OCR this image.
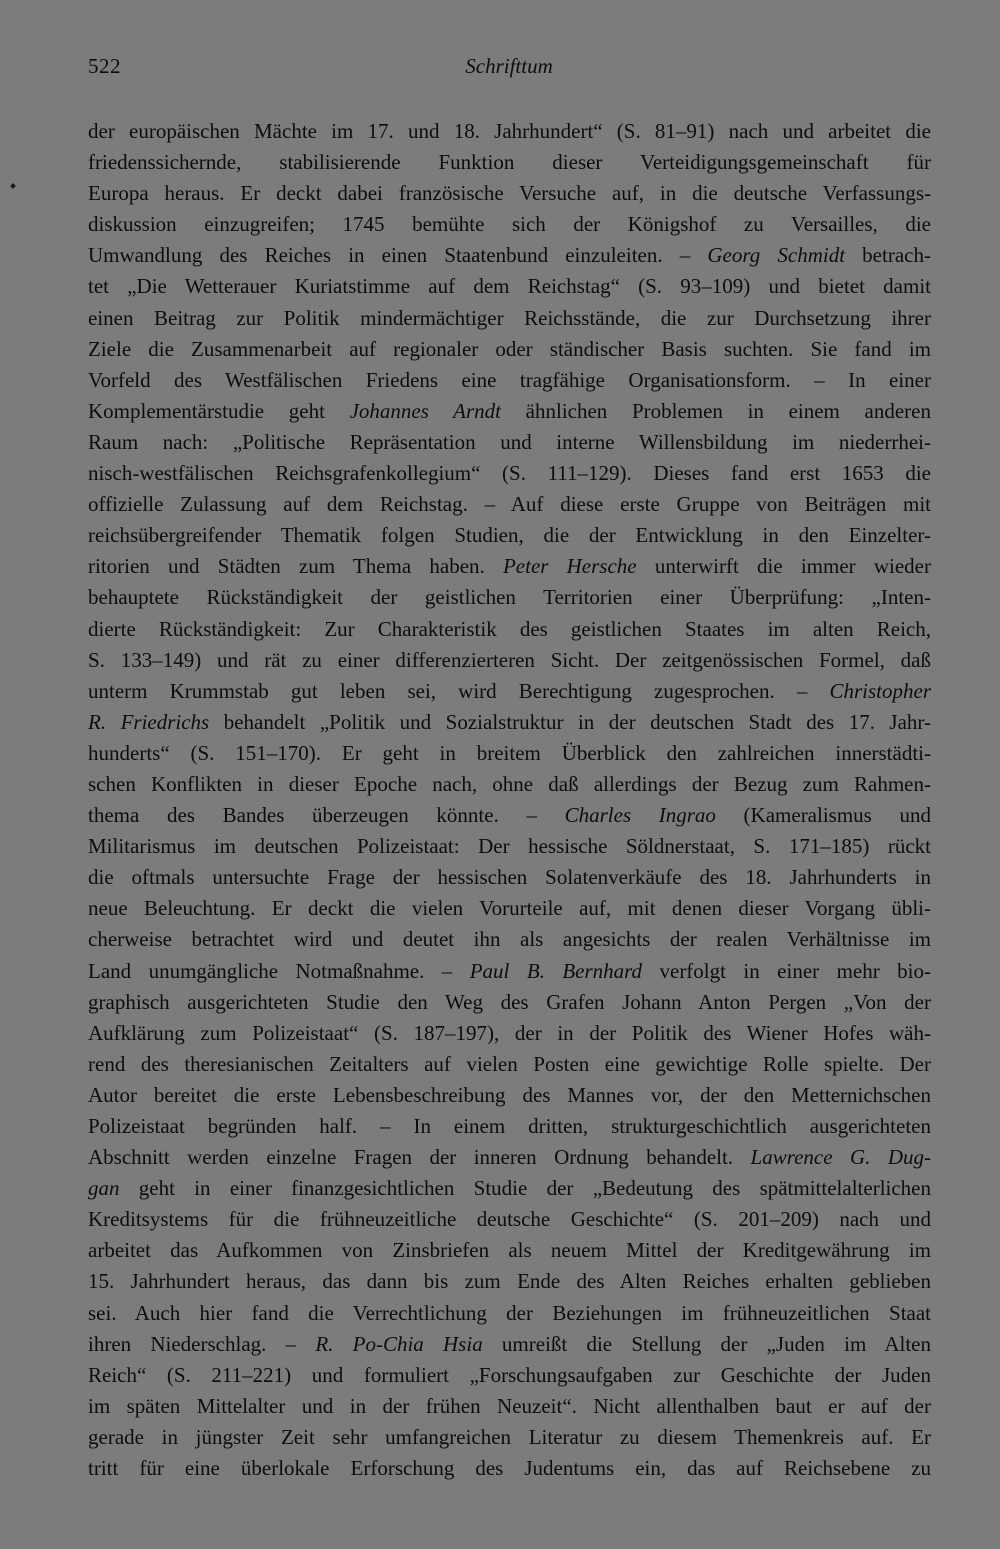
522	Schrifttum
der europäischen Mächte im 17. und 18. Jahrhundert“ (S. 81–91) nach und arbeitet die
friedenssichernde, stabilisierende Funktion dieser Verteidigungsgemeinschaft für
Europa heraus. Er deckt dabei französische Versuche auf, in die deutsche Verfassungs-
diskussion einzugreifen; 1745 bemühte sich der Königshof zu Versailles, die
Umwandlung des Reiches in einen Staatenbund einzuleiten. – Georg Schmidt betrach-
tet „Die Wetterauer Kuriatstimme auf dem Reichstag“ (S. 93–109) und bietet damit
einen Beitrag zur Politik mindermächtiger Reichsstände, die zur Durchsetzung ihrer
Ziele die Zusammenarbeit auf regionaler oder ständischer Basis suchten. Sie fand im
Vorfeld des Westfälischen Friedens eine tragfähige Organisationsform. – In einer
Komplementärstudie geht Johannes Arndt ähnlichen Problemen in einem anderen
Raum nach: „Politische Repräsentation und interne Willensbildung im niederrhei-
nisch-westfälischen Reichsgrafenkollegium“ (S. 111–129). Dieses fand erst 1653 die
offizielle Zulassung auf dem Reichstag. – Auf diese erste Gruppe von Beiträgen mit
reichsübergreifender Thematik folgen Studien, die der Entwicklung in den Einzelter-
ritorien und Städten zum Thema haben. Peter Hersche unterwirft die immer wieder
behauptete Rückständigkeit der geistlichen Territorien einer Überprüfung: „Inten-
dierte Rückständigkeit: Zur Charakteristik des geistlichen Staates im alten Reich,
S. 133–149) und rät zu einer differenzierteren Sicht. Der zeitgenössischen Formel, daß
unterm Krummstab gut leben sei, wird Berechtigung zugesprochen. – Christopher
R. Friedrichs behandelt „Politik und Sozialstruktur in der deutschen Stadt des 17. Jahr-
hunderts“ (S. 151–170). Er geht in breitem Überblick den zahlreichen innerstädti-
schen Konflikten in dieser Epoche nach, ohne daß allerdings der Bezug zum Rahmen-
thema des Bandes überzeugen könnte. – Charles Ingrao (Kameralismus und
Militarismus im deutschen Polizeistaat: Der hessische Söldnerstaat, S. 171–185) rückt
die oftmals untersuchte Frage der hessischen Solatenverkäufe des 18. Jahrhunderts in
neue Beleuchtung. Er deckt die vielen Vorurteile auf, mit denen dieser Vorgang übli-
cherweise betrachtet wird und deutet ihn als angesichts der realen Verhältnisse im
Land unumgängliche Notmaßnahme. – Paul B. Bernhard verfolgt in einer mehr bio-
graphisch ausgerichteten Studie den Weg des Grafen Johann Anton Pergen „Von der
Aufklärung zum Polizeistaat“ (S. 187–197), der in der Politik des Wiener Hofes wäh-
rend des theresianischen Zeitalters auf vielen Posten eine gewichtige Rolle spielte. Der
Autor bereitet die erste Lebensbeschreibung des Mannes vor, der den Metternichschen
Polizeistaat begründen half. – In einem dritten, strukturgeschichtlich ausgerichteten
Abschnitt werden einzelne Fragen der inneren Ordnung behandelt. Lawrence G. Dug-
gan geht in einer finanzgesichtlichen Studie der „Bedeutung des spätmittelalterlichen
Kreditsystems für die frühneuzeitliche deutsche Geschichte“ (S. 201–209) nach und
arbeitet das Aufkommen von Zinsbriefen als neuem Mittel der Kreditgewährung im
15. Jahrhundert heraus, das dann bis zum Ende des Alten Reiches erhalten geblieben
sei. Auch hier fand die Verrechtlichung der Beziehungen im frühneuzeitlichen Staat
ihren Niederschlag. – R. Po-Chia Hsia umreißt die Stellung der „Juden im Alten
Reich“ (S. 211–221) und formuliert „Forschungsaufgaben zur Geschichte der Juden
im späten Mittelalter und in der frühen Neuzeit“. Nicht allenthalben baut er auf der
gerade in jüngster Zeit sehr umfangreichen Literatur zu diesem Themenkreis auf. Er
tritt für eine überlokale Erforschung des Judentums ein, das auf Reichsebene zu
